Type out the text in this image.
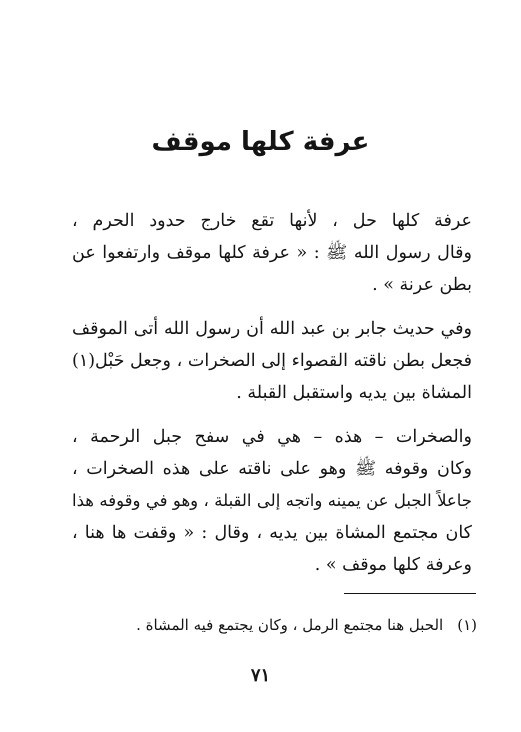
عرفة كلها موقف
عرفة كلها حل ، لأنها تقع خارج حدود الحرم ،
وقال رسول الله ﷺ : « عرفة كلها موقف وارتفعوا عن
بطن عرنة » .
وفي حديث جابر بن عبد الله أن رسول الله أتى الموقف
فجعل بطن ناقته القصواء إلى الصخرات ، وجعل حَبْل(١)
المشاة بين يديه واستقبل القبلة .
والصخرات – هذه – هي في سفح جبل الرحمة ،
وكان وقوفه ﷺ وهو على ناقته على هذه الصخرات ،
جاعلاً الجبل عن يمينه واتجه إلى القبلة ، وهو في وقوفه هذا
كان مجتمع المشاة بين يديه ، وقال : « وقفت ها هنا ،
وعرفة كلها موقف » .
(١)الحبل هنا مجتمع الرمل ، وكان يجتمع فيه المشاة .
٧١
